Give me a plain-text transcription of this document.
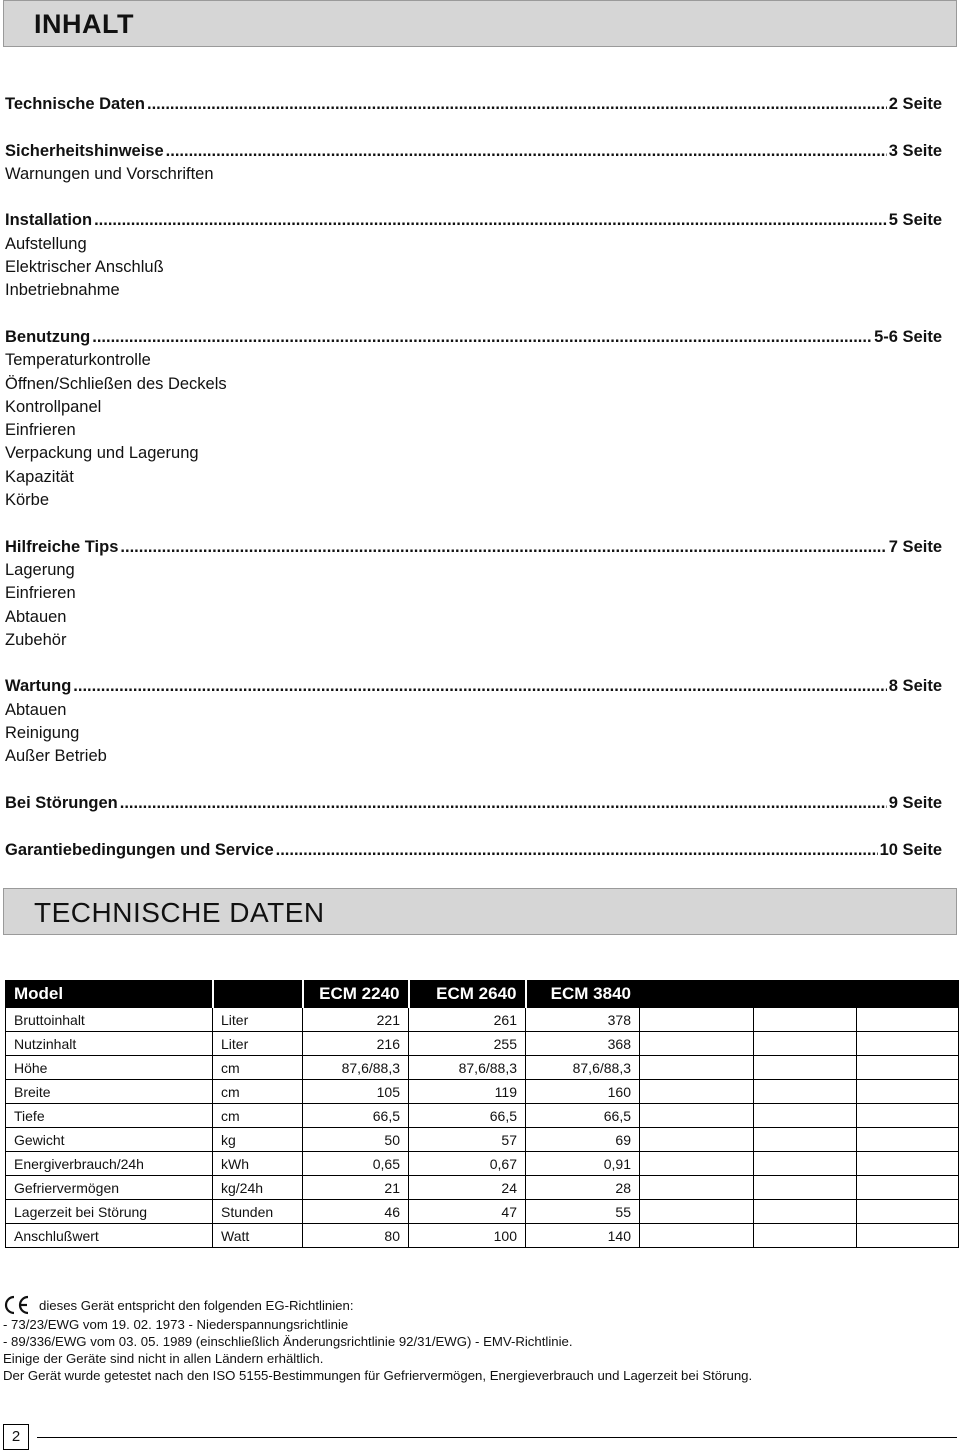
INHALT
Technische Daten .....	2 Seite
Sicherheitshinweise .....	3 Seite
Warnungen und Vorschriften
Installation .....	5 Seite
Aufstellung
Elektrischer Anschluß
Inbetriebnahme
Benutzung .....	5-6 Seite
Temperaturkontrolle
Öffnen/Schließen des Deckels
Kontrollpanel
Einfrieren
Verpackung und Lagerung
Kapazität
Körbe
Hilfreiche Tips .....	7 Seite
Lagerung
Einfrieren
Abtauen
Zubehör
Wartung .....	8 Seite
Abtauen
Reinigung
Außer Betrieb
Bei Störungen .....	9 Seite
Garantiebedingungen und Service .....	10 Seite
TECHNISCHE DATEN
Model		ECM 2240	ECM 2640	ECM 3840			
Bruttoinhalt	Liter	221	261	378			
Nutzinhalt	Liter	216	255	368			
Höhe	cm	87,6/88,3	87,6/88,3	87,6/88,3			
Breite	cm	105	119	160			
Tiefe	cm	66,5	66,5	66,5			
Gewicht	kg	50	57	69			
Energiverbrauch/24h	kWh	0,65	0,67	0,91			
Gefriervermögen	kg/24h	21	24	28			
Lagerzeit bei Störung	Stunden	46	47	55			
Anschlußwert	Watt	80	100	140			
dieses Gerät entspricht den folgenden EG-Richtlinien:
- 73/23/EWG vom 19. 02. 1973 - Niederspannungsrichtlinie
- 89/336/EWG vom 03. 05. 1989 (einschließlich Änderungsrichtlinie 92/31/EWG) - EMV-Richtlinie.
Einige der Geräte sind nicht in allen Ländern erhältlich.
Der Gerät wurde getestet nach den ISO 5155-Bestimmungen für Gefriervermögen, Energieverbrauch und Lagerzeit bei Störung.
2
